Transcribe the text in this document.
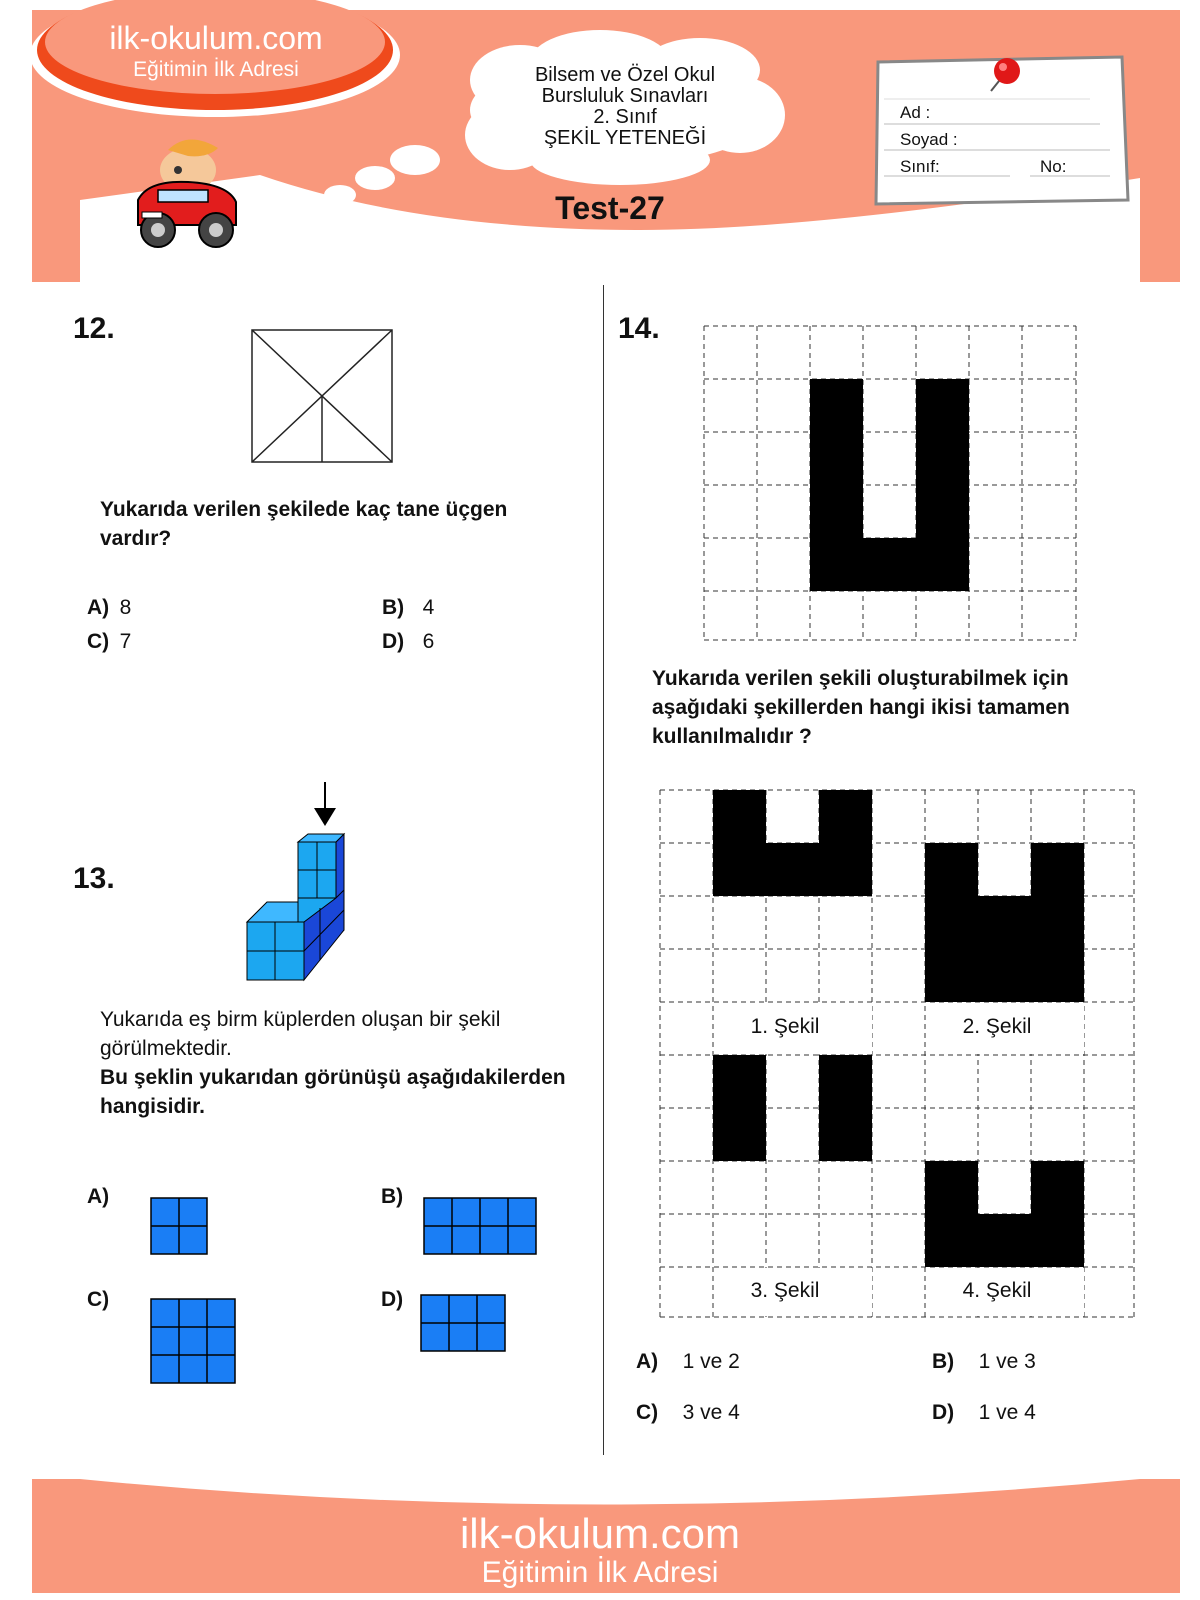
ilk-okulum.com
Eğitimin İlk Adresi	Bilsem ve Özel Okul
Bursluluk Sınavları
2. Sınıf
ŞEKİL YETENEĞİ
Test-27
Ad :
Soyad :
Sınıf:	No:
12.
Yukarıda verilen şekilede kaç tane üçgen vardır?
A) 8	B) 4
C) 7	D) 6
13.
Yukarıda eş birm küplerden oluşan bir şekil görülmektedir.
Bu şeklin yukarıdan görünüşü aşağıdakilerden hangisidir.
A)	B)
C)	D)
14.
Yukarıda verilen şekili oluşturabilmek için aşağıdaki şekillerden hangi ikisi tamamen kullanılmalıdır ?
1. Şekil	2. Şekil
3. Şekil	4. Şekil
A) 1 ve 2	B) 1 ve 3
C) 3 ve 4	D) 1 ve 4
ilk-okulum.com
Eğitimin İlk Adresi
